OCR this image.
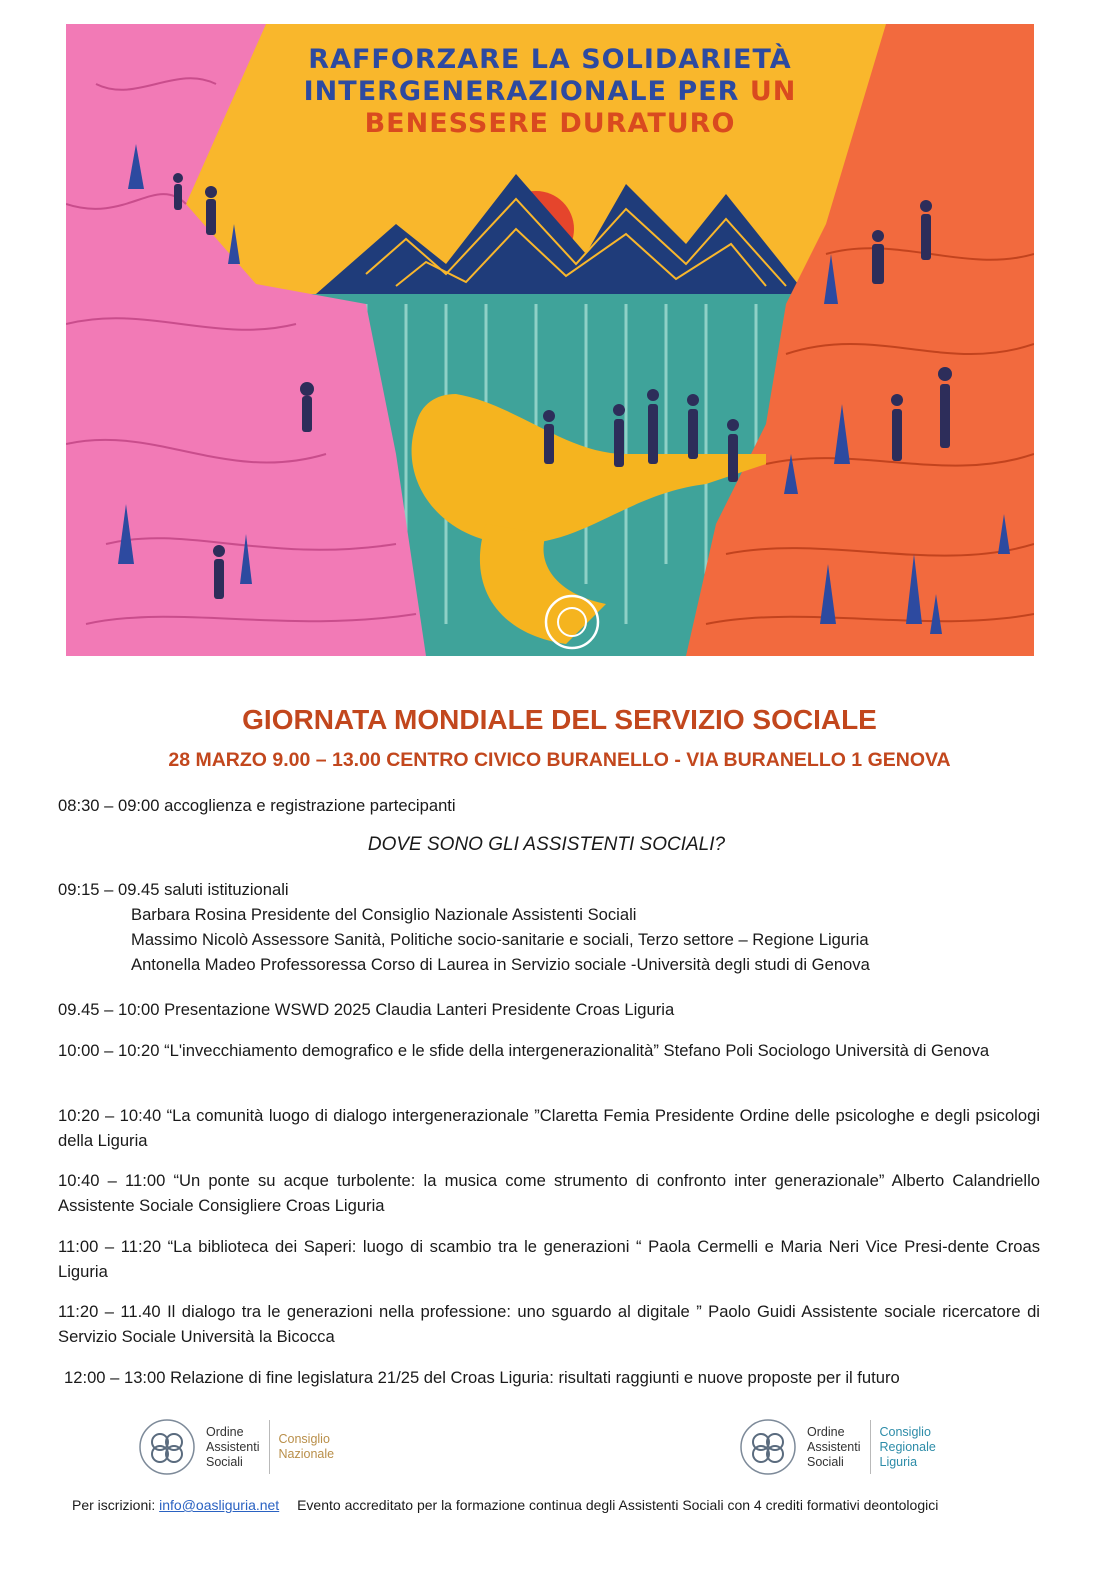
RAFFORZARE LA SOLIDARIETÀ
INTERGENERAZIONALE PER UN
BENESSERE DURATURO
GIORNATA MONDIALE DEL SERVIZIO SOCIALE
28 MARZO 9.00 – 13.00 CENTRO CIVICO BURANELLO - VIA BURANELLO 1 GENOVA
08:30 – 09:00 accoglienza e registrazione partecipanti
DOVE SONO GLI ASSISTENTI SOCIALI?
09:15 – 09.45 saluti istituzionali
Barbara Rosina Presidente del Consiglio Nazionale Assistenti Sociali
Massimo Nicolò Assessore Sanità, Politiche socio-sanitarie e sociali, Terzo settore – Regione Liguria
Antonella Madeo Professoressa Corso di Laurea in Servizio sociale -Università degli studi di Genova
09.45 – 10:00 Presentazione WSWD 2025 Claudia Lanteri Presidente Croas Liguria
10:00 – 10:20 “L'invecchiamento demografico e le sfide della intergenerazionalità” Stefano Poli Sociologo Università di Genova
10:20 – 10:40 “La comunità luogo di dialogo intergenerazionale ”Claretta Femia Presidente Ordine delle psicologhe e degli psicologi della Liguria
10:40 – 11:00 “Un ponte su acque turbolente: la musica come strumento di confronto inter generazionale” Alberto Calandriello Assistente Sociale Consigliere Croas Liguria
11:00 – 11:20 “La biblioteca dei Saperi: luogo di scambio tra le generazioni “ Paola Cermelli e Maria Neri Vice Presi-dente Croas Liguria
11:20 – 11.40 Il dialogo tra le generazioni nella professione: uno sguardo al digitale ” Paolo Guidi Assistente sociale ricercatore di Servizio Sociale Università la Bicocca
12:00 – 13:00 Relazione di fine legislatura 21/25 del Croas Liguria: risultati raggiunti e nuove proposte per il futuro
Ordine
Assistenti
Sociali
Consiglio
Nazionale
Ordine
Assistenti
Sociali
Consiglio
Regionale
Liguria
Per iscrizioni: info@oasliguria.net Evento accreditato per la formazione continua degli Assistenti Sociali con 4 crediti formativi deontologici
